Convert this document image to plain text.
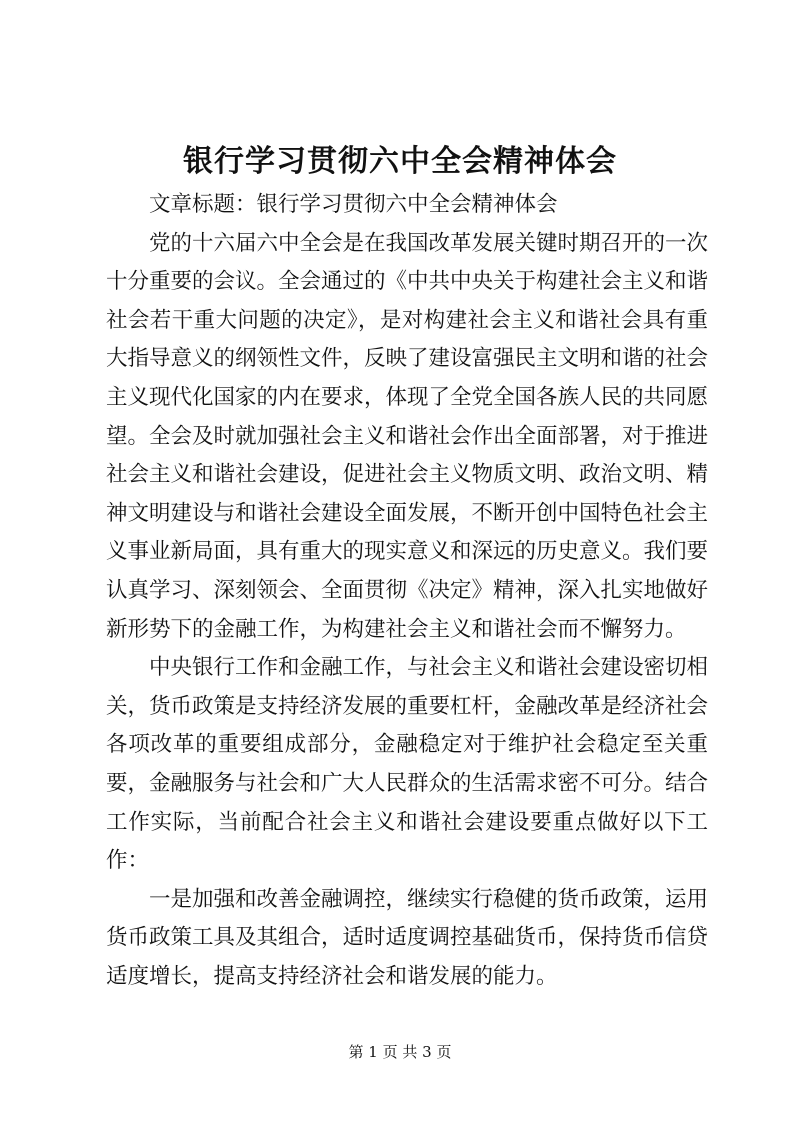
银行学习贯彻六中全会精神体会

文章标题：银行学习贯彻六中全会精神体会

党的十六届六中全会是在我国改革发展关键时期召开的一次十分重要的会议。全会通过的《中共中央关于构建社会主义和谐社会若干重大问题的决定》，是对构建社会主义和谐社会具有重大指导意义的纲领性文件，反映了建设富强民主文明和谐的社会主义现代化国家的内在要求，体现了全党全国各族人民的共同愿望。全会及时就加强社会主义和谐社会作出全面部署，对于推进社会主义和谐社会建设，促进社会主义物质文明、政治文明、精神文明建设与和谐社会建设全面发展，不断开创中国特色社会主义事业新局面，具有重大的现实意义和深远的历史意义。我们要认真学习、深刻领会、全面贯彻《决定》精神，深入扎实地做好新形势下的金融工作，为构建社会主义和谐社会而不懈努力。

中央银行工作和金融工作，与社会主义和谐社会建设密切相关，货币政策是支持经济发展的重要杠杆，金融改革是经济社会各项改革的重要组成部分，金融稳定对于维护社会稳定至关重要，金融服务与社会和广大人民群众的生活需求密不可分。结合工作实际，当前配合社会主义和谐社会建设要重点做好以下工作：

一是加强和改善金融调控，继续实行稳健的货币政策，运用货币政策工具及其组合，适时适度调控基础货币，保持货币信贷适度增长，提高支持经济社会和谐发展的能力。

第 1 页 共 3 页
